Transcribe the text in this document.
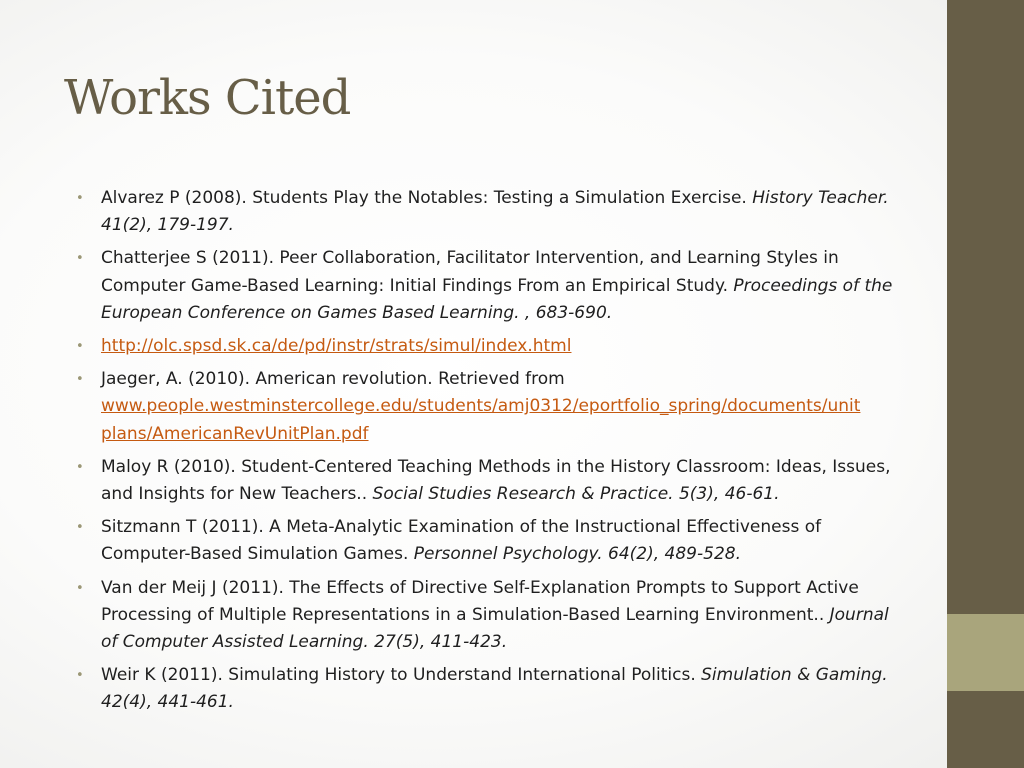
Works Cited
• Alvarez P (2008). Students Play the Notables: Testing a Simulation Exercise. History Teacher. 41(2), 179-197.
• Chatterjee S (2011). Peer Collaboration, Facilitator Intervention, and Learning Styles in Computer Game-Based Learning: Initial Findings From an Empirical Study. Proceedings of the European Conference on Games Based Learning. , 683-690.
• http://olc.spsd.sk.ca/de/pd/instr/strats/simul/index.html
• Jaeger, A. (2010). American revolution. Retrieved from www.people.westminstercollege.edu/students/amj0312/eportfolio_spring/documents/unit plans/AmericanRevUnitPlan.pdf
• Maloy R (2010). Student-Centered Teaching Methods in the History Classroom: Ideas, Issues, and Insights for New Teachers.. Social Studies Research & Practice. 5(3), 46-61.
• Sitzmann T (2011). A Meta-Analytic Examination of the Instructional Effectiveness of Computer-Based Simulation Games. Personnel Psychology. 64(2), 489-528.
• Van der Meij J (2011). The Effects of Directive Self-Explanation Prompts to Support Active Processing of Multiple Representations in a Simulation-Based Learning Environment.. Journal of Computer Assisted Learning. 27(5), 411-423.
• Weir K (2011). Simulating History to Understand International Politics. Simulation & Gaming. 42(4), 441-461.
